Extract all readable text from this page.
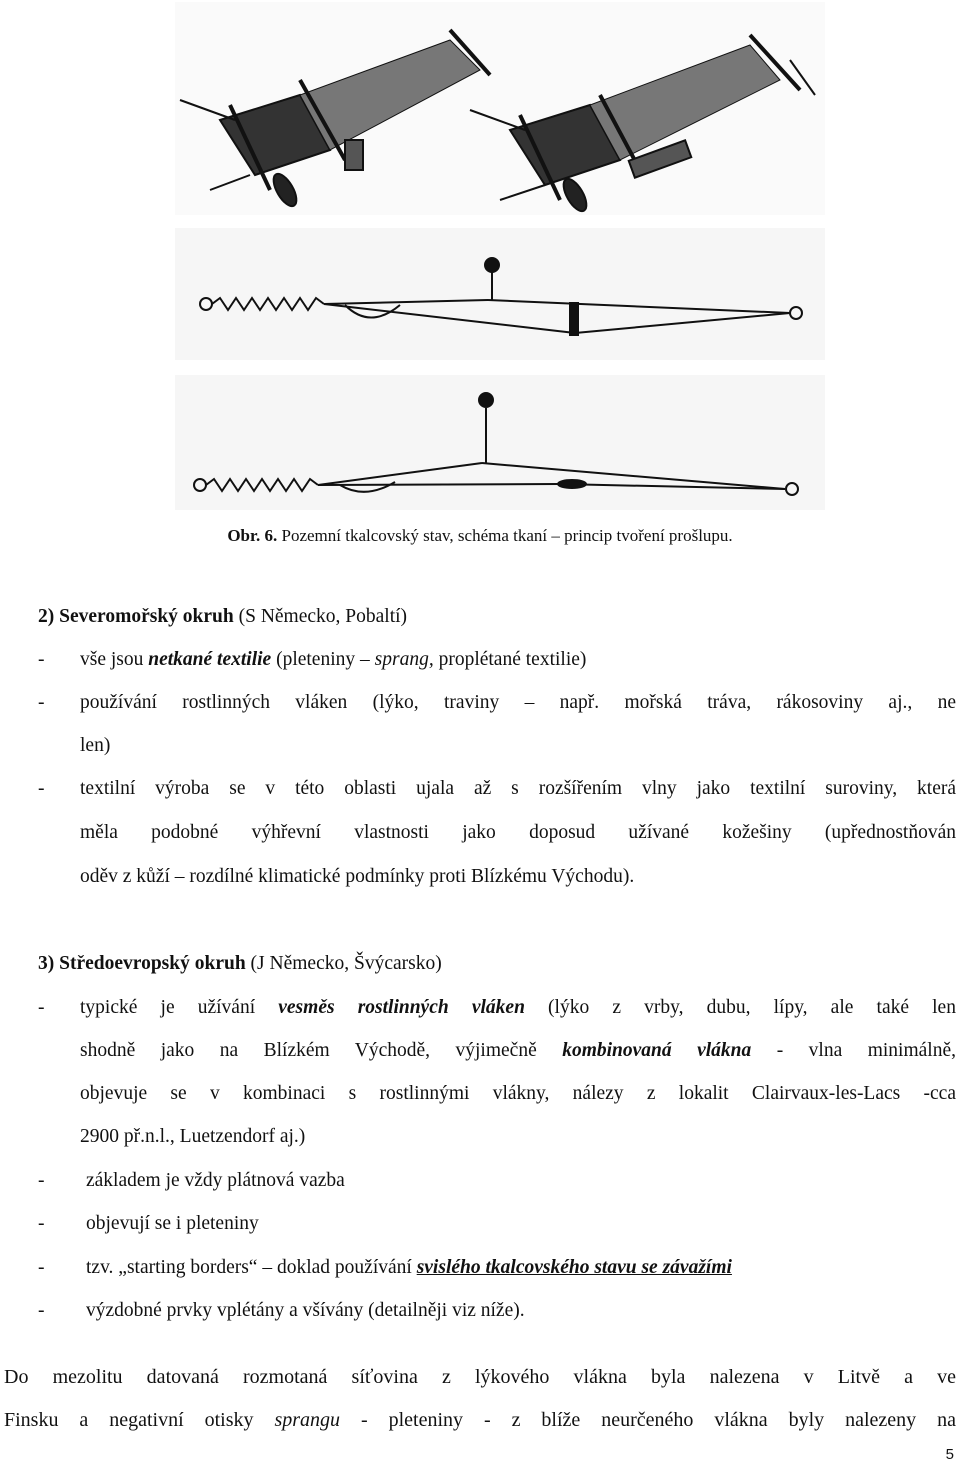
Obr. 6. Pozemní tkalcovský stav, schéma tkaní – princip tvoření prošlupu.
2) Severomořský okruh (S Německo, Pobaltí)
- vše jsou netkané textilie (pleteniny – sprang, proplétané textilie)
- používání rostlinných vláken (lýko, traviny – např. mořská tráva, rákosoviny aj., ne
len)
- textilní výroba se v této oblasti ujala až s rozšířením vlny jako textilní suroviny, která
měla podobné výhřevní vlastnosti jako doposud užívané kožešiny (upřednostňován
oděv z kůží – rozdílné klimatické podmínky proti Blízkému Východu).
3) Středoevropský okruh (J Německo, Švýcarsko)
- typické je užívání vesměs rostlinných vláken (lýko z vrby, dubu, lípy, ale také len
shodně jako na Blízkém Východě, výjimečně kombinovaná vlákna - vlna minimálně,
objevuje se v kombinaci s rostlinnými vlákny, nálezy z lokalit Clairvaux-les-Lacs -cca
2900 př.n.l., Luetzendorf aj.)
- základem je vždy plátnová vazba
- objevují se i pleteniny
- tzv. „starting borders“ – doklad používání svislého tkalcovského stavu se závažími
- výzdobné prvky vplétány a všívány (detailněji viz níže).
Do mezolitu datovaná rozmotaná síťovina z lýkového vlákna byla nalezena v Litvě a ve
Finsku a negativní otisky sprangu - pleteniny - z blíže neurčeného vlákna byly nalezeny na
5
